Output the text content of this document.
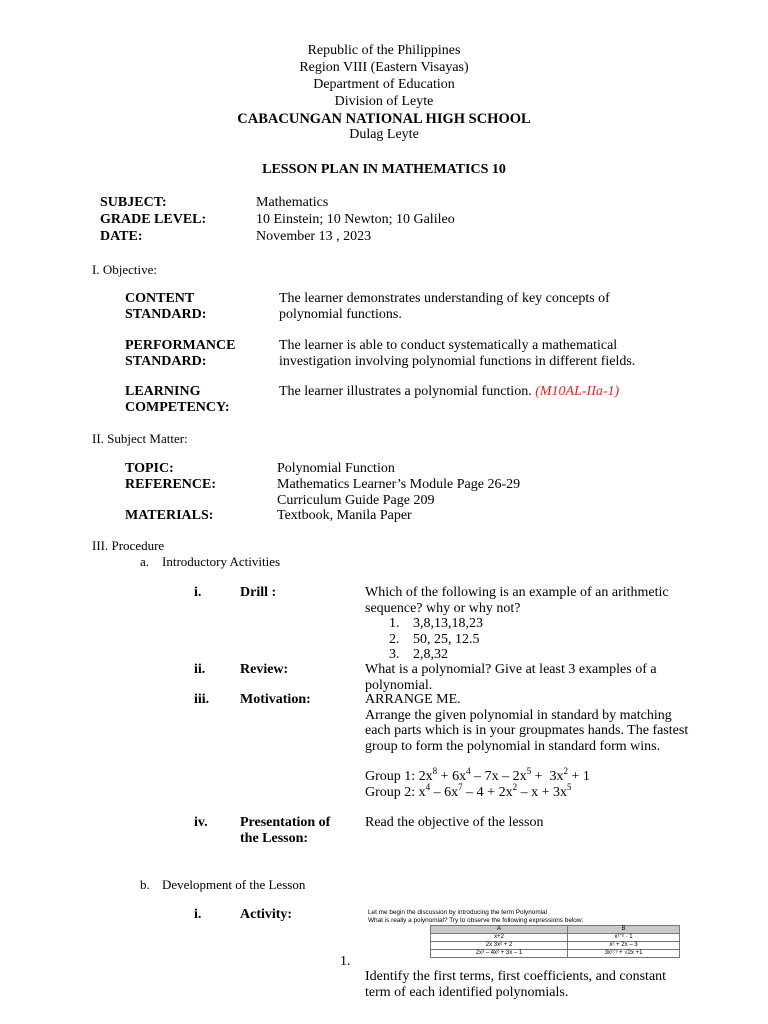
Republic of the Philippines
Region VIII (Eastern Visayas)
Department of Education
Division of Leyte
CABACUNGAN NATIONAL HIGH SCHOOL
Dulag Leyte
LESSON PLAN IN MATHEMATICS 10
SUBJECT:	Mathematics
GRADE LEVEL:	10 Einstein; 10 Newton; 10 Galileo
DATE:	November 13 , 2023
I. Objective:
CONTENT
STANDARD:
The learner demonstrates understanding of key concepts of
polynomial functions.
PERFORMANCE
STANDARD:
The learner is able to conduct systematically a mathematical
investigation involving polynomial functions in different fields.
LEARNING
COMPETENCY:
The learner illustrates a polynomial function. (M10AL-IIa-1)
II. Subject Matter:
TOPIC:	Polynomial Function
REFERENCE:	Mathematics Learner’s Module Page 26-29
Curriculum Guide Page 209
MATERIALS:	Textbook, Manila Paper
III. Procedure
a. Introductory Activities
i.	Drill :	Which of the following is an example of an arithmetic
sequence? why or why not?
1. 3,8,13,18,23
2. 50, 25, 12.5
3. 2,8,32
ii. Review:	What is a polynomial? Give at least 3 examples of a
polynomial.
iii. Motivation:	ARRANGE ME.
Arrange the given polynomial in standard by matching
each parts which is in your groupmates hands. The fastest
group to form the polynomial in standard form wins.
Group 1: $2x^8 + 6x^4 - 7x - 2x^5 + 3x^2 + 1$
Group 2: $x^4 - 6x^7 - 4 + 2x^2 - x + 3x^5$
iv. Presentation of
the Lesson:
Read the objective of the lesson
b. Development of the Lesson
i.	Activity:	Let me begin the discussion by introducing the term Polynomial
What is really a polynomial? Try to observe the following expressions below:
A	B
x+2	x¹ᐟ² · 1
2x 3x² + 2	x² + 2x – 3
2x³ – 4x² + 3x – 1	3x¹ᐟ³ + √2x +1
1.
Identify the first terms, first coefficients, and constant
term of each identified polynomials.
